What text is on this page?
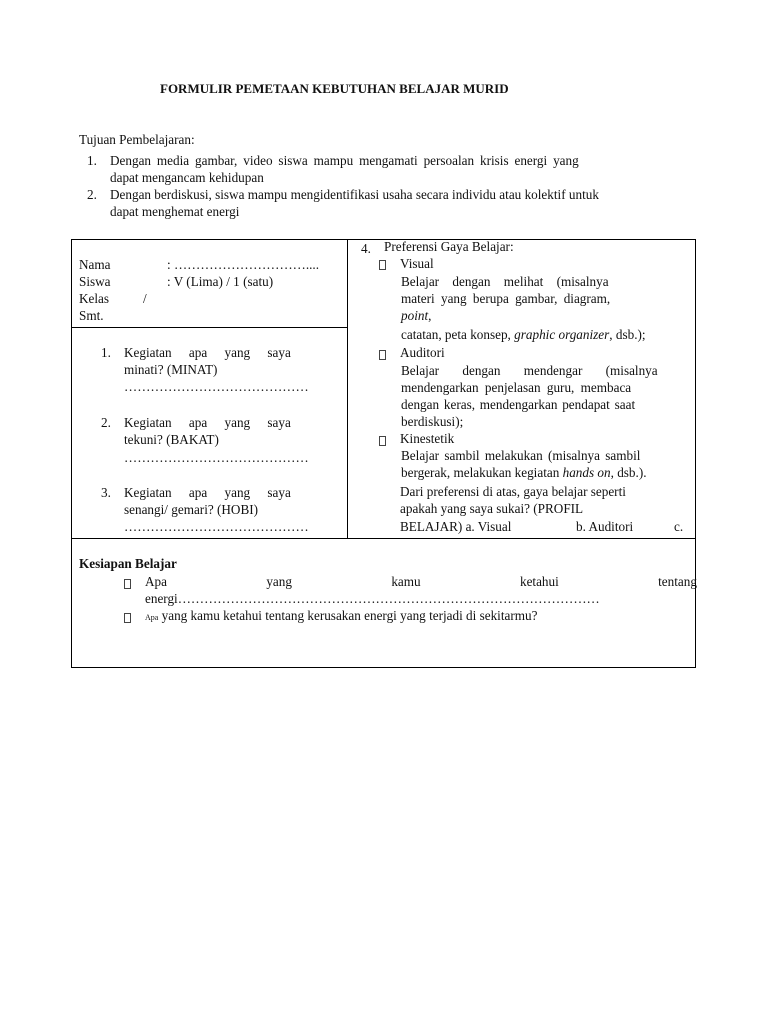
FORMULIR PEMETAAN KEBUTUHAN BELAJAR MURID
Tujuan Pembelajaran:
1. Dengan media gambar, video siswa mampu mengamati persoalan krisis energi yang
dapat mengancam kehidupan
2. Dengan berdiskusi, siswa mampu mengidentifikasi usaha secara individu atau kolektif untuk
dapat menghemat energi
Nama	: …………………………....
Siswa	: V (Lima) / 1 (satu)
Kelas	/
Smt.
1. Kegiatan apa yang saya
minati? (MINAT)
……………………………………
2. Kegiatan apa yang saya
tekuni? (BAKAT)
……………………………………
3. Kegiatan apa yang saya
senangi/ gemari? (HOBI)
……………………………………
4. Preferensi Gaya Belajar:
Visual
Belajar dengan melihat (misalnya
materi yang berupa gambar, diagram,
point,
catatan, peta konsep, graphic organizer, dsb.);
Auditori
Belajar dengan mendengar (misalnya
mendengarkan penjelasan guru, membaca
dengan keras, mendengarkan pendapat saat
berdiskusi);
Kinestetik
Belajar sambil melakukan (misalnya sambil
bergerak, melakukan kegiatan hands on, dsb.).
Dari preferensi di atas, gaya belajar seperti
apakah yang saya sukai? (PROFIL
BELAJAR) a. Visual	b. Auditori	c.
Kesiapan Belajar
Apa	yang	kamu	ketahui	tentang
energi……………………………………………………………………………………
Apa yang kamu ketahui tentang kerusakan energi yang terjadi di sekitarmu?
